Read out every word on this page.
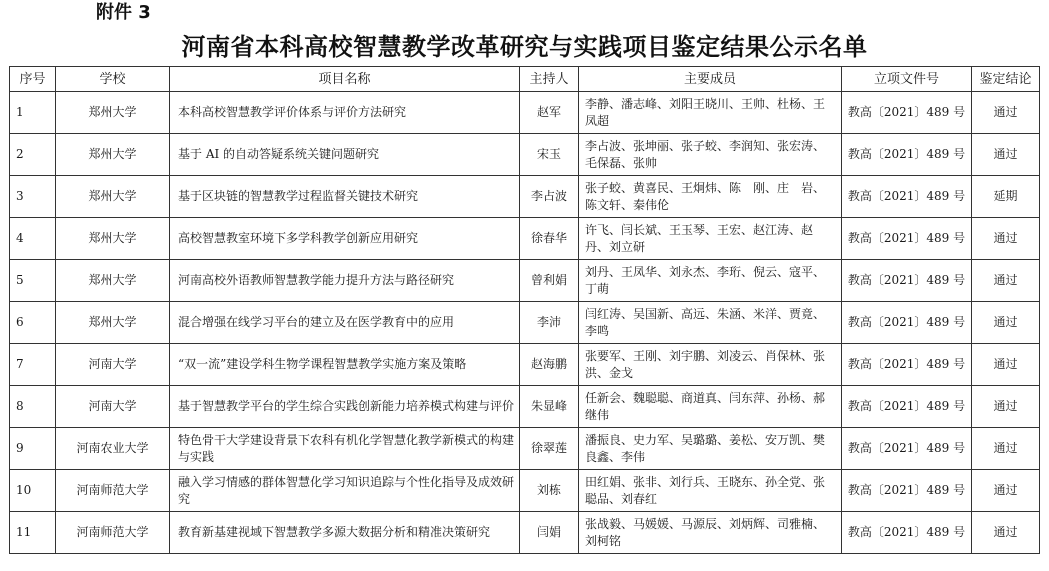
附件 3
河南省本科高校智慧教学改革研究与实践项目鉴定结果公示名单
序号	学校	项目名称	主持人	主要成员	立项文件号	鉴定结论
1	郑州大学	本科高校智慧教学评价体系与评价方法研究	赵军	李静、潘志峰、刘阳王晓川、王帅、杜杨、王凤超	教高〔2021〕489 号	通过
2	郑州大学	基于 AI 的自动答疑系统关键问题研究	宋玉	李占波、张坤丽、张子蛟、李润知、张宏涛、毛保磊、张帅	教高〔2021〕489 号	通过
3	郑州大学	基于区块链的智慧教学过程监督关键技术研究	李占波	张子蛟、黄喜民、王炯炜、陈　刚、庄　岩、陈文轩、秦伟伦	教高〔2021〕489 号	延期
4	郑州大学	高校智慧教室环境下多学科教学创新应用研究	徐春华	许飞、闫长斌、王玉琴、王宏、赵江涛、赵丹、刘立研	教高〔2021〕489 号	通过
5	郑州大学	河南高校外语教师智慧教学能力提升方法与路径研究	曾利娟	刘丹、王凤华、刘永杰、李珩、倪云、寇平、丁萌	教高〔2021〕489 号	通过
6	郑州大学	混合增强在线学习平台的建立及在医学教育中的应用	李沛	闫红涛、吴国新、高远、朱涵、米洋、贾竟、李鸣	教高〔2021〕489 号	通过
7	河南大学	“双一流”建设学科生物学课程智慧教学实施方案及策略	赵海鹏	张要军、王刚、刘宇鹏、刘凌云、肖保林、张洪、金戈	教高〔2021〕489 号	通过
8	河南大学	基于智慧教学平台的学生综合实践创新能力培养模式构建与评价	朱显峰	任新会、魏聪聪、商道真、闫东萍、孙杨、郝继伟	教高〔2021〕489 号	通过
9	河南农业大学	特色骨干大学建设背景下农科有机化学智慧化教学新模式的构建与实践	徐翠莲	潘振良、史力军、吴璐璐、姜松、安万凯、樊良鑫、李伟	教高〔2021〕489 号	通过
10	河南师范大学	融入学习情感的群体智慧化学习知识追踪与个性化指导及成效研究	刘栋	田红娟、张非、刘行兵、王晓东、孙全党、张聪品、刘春红	教高〔2021〕489 号	通过
11	河南师范大学	教育新基建视域下智慧教学多源大数据分析和精准决策研究	闫娟	张战毅、马媛媛、马源辰、刘炳辉、司雅楠、刘柯铭	教高〔2021〕489 号	通过
